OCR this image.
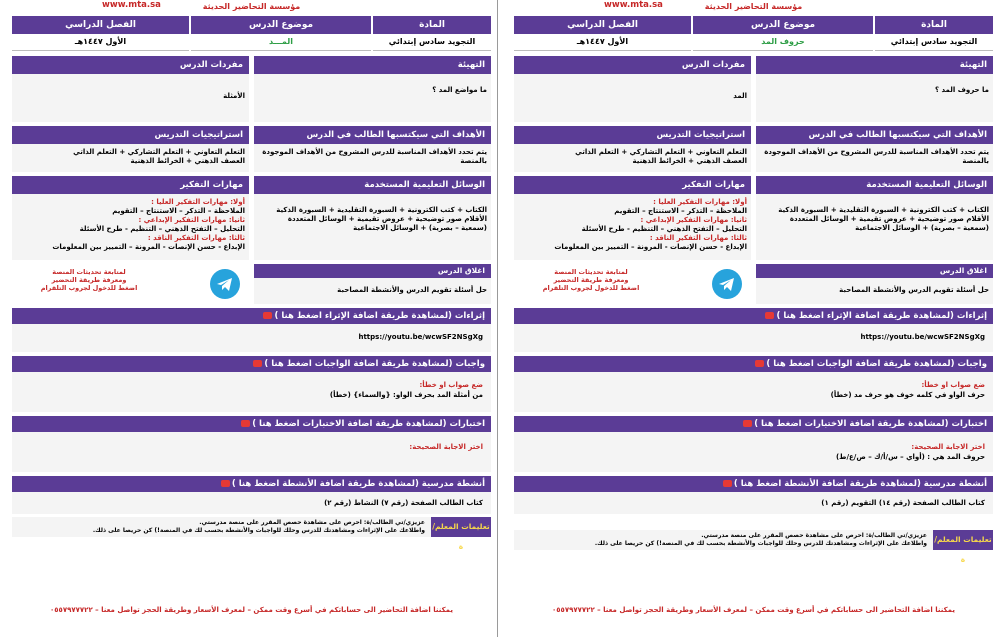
مؤسسة التحاضير الحديثة
www.mta.sa
المادة
موضوع الدرس
الفصل الدراسي
التجويد سادس إبتدائي
المـــد
الأول ١٤٤٧هـ
التهيئة
ما مواضع المد ؟
مفردات الدرس
الأمثلة
الأهداف التي سيكتسبها الطالب في الدرس
يتم تحدد الأهداف المناسبة للدرس المشروح من الأهداف الموجودة بالمنصة
استراتيجيات التدريس
التعلم التعاوني + التعلم التشاركي + التعلم الذاتي
العصف الذهني + الخرائط الذهنية
الوسائل التعليمية المستخدمة
الكتاب + كتب الكترونية + السبورة التقليدية + السبورة الذكية
الأقلام صور توضيحية + عروض تقيمية + الوسائل المتعددة
(سمعية – بصرية) + الوسائل الاجتماعية
مهارات التفكير
أولا: مهارات التفكير العليا :
الملاحظة – التذكر – الاستنتاج – التقويم
ثانيا: مهارات التفكير الإبداعي :
التحليل – التفتح الذهني – التنظيم - طرح الأسئلة
ثالثا: مهارات التفكير الناقد :
الإبداع - حسن الإنصات - المرونة – التمييز بين المعلومات
اغلاق الدرس
حل أسئلة تقويم الدرس والأنشطة المصاحبة
لمتابعة تحديثات المنصة
ومعرفة طريقة التحضير
اضغط للدخول لجروب التلقرام
إثراءات (لمشاهدة طريقة اضافة الإثراء اضغط هنا )
https://youtu.be/wcwSF2NSgXg
واجبات (لمشاهدة طريقة اضافة الواجبات اضغط هنا )
ضع صواب او خطأ:
من أمثلة المد بحرف الواو: {والسماء} (خطأ)
اختبارات (لمشاهدة طريقة اضافة الاختبارات اضغط هنا )
اختر الاجابة الصحيحة:
أنشطة مدرسية (لمشاهدة طريقة اضافة الأنشطة اضغط هنا )
كتاب الطالب الصفحة (رقم ٧) النشاط (رقم ٢)
تعليمات المعلم/ة
عزيزي/تي الطالب/ة: احرص على مشاهدة حصص المقرر على منصة مدرستي.
واطلاعك على الإثراءات ومشاهدتك للدرس وحلك للواجبات والأنشطة بحسب لك في المنصة!) كن حريصا على ذلك.
يمكننا اضافة التحاضير الى حساباتكم في أسرع وقت ممكن – لمعرف الأسعار وطريقة الحجز تواصل معنا – ٠٥٥٧٩٧٧٧٢٢
مؤسسة التحاضير الحديثة
www.mta.sa
المادة
موضوع الدرس
الفصل الدراسي
التجويد سادس إبتدائي
حروف المد
الأول ١٤٤٧هـ
التهيئة
ما حروف المد ؟
مفردات الدرس
المد
الأهداف التي سيكتسبها الطالب في الدرس
يتم تحدد الأهداف المناسبة للدرس المشروح من الأهداف الموجودة بالمنصة
استراتيجيات التدريس
التعلم التعاوني + التعلم التشاركي + التعلم الذاتي
العصف الذهني + الخرائط الذهنية
الوسائل التعليمية المستخدمة
الكتاب + كتب الكترونية + السبورة التقليدية + السبورة الذكية
الأقلام صور توضيحية + عروض تقيمية + الوسائل المتعددة
(سمعية – بصرية) + الوسائل الاجتماعية
مهارات التفكير
أولا: مهارات التفكير العليا :
الملاحظة – التذكر – الاستنتاج – التقويم
ثانيا: مهارات التفكير الإبداعي :
التحليل – التفتح الذهني – التنظيم - طرح الأسئلة
ثالثا: مهارات التفكير الناقد :
الإبداع - حسن الإنصات - المرونة – التمييز بين المعلومات
اغلاق الدرس
حل أسئلة تقويم الدرس والأنشطة المصاحبة
لمتابعة تحديثات المنصة
ومعرفة طريقة التحضير
اضغط للدخول لجروب التلقرام
إثراءات (لمشاهدة طريقة اضافة الإثراء اضغط هنا )
https://youtu.be/wcwSF2NSgXg
واجبات (لمشاهدة طريقة اضافة الواجبات اضغط هنا )
ضع صواب او خطأ:
حرف الواو في كلمه خوف هو حرف مد (خطأ)
اختبارات (لمشاهدة طريقة اضافة الاختبارات اضغط هنا )
اختر الاجابة الصحيحة:
حروف المد هي : (أواي – س/أ/ك – ص/ع/ط)
أنشطة مدرسية (لمشاهدة طريقة اضافة الأنشطة اضغط هنا )
كتاب الطالب الصفحة (رقم ١٤) التقويم (رقم ١)
تعليمات المعلم/ة
عزيزي/تي الطالب/ة: احرص على مشاهدة حصص المقرر على منصة مدرستي.
واطلاعك على الإثراءات ومشاهدتك للدرس وحلك للواجبات والأنشطة بحسب لك في المنصة!) كن حريصا على ذلك.
يمكننا اضافة التحاضير الى حساباتكم في أسرع وقت ممكن – لمعرف الأسعار وطريقة الحجز تواصل معنا – ٠٥٥٧٩٧٧٧٢٢
